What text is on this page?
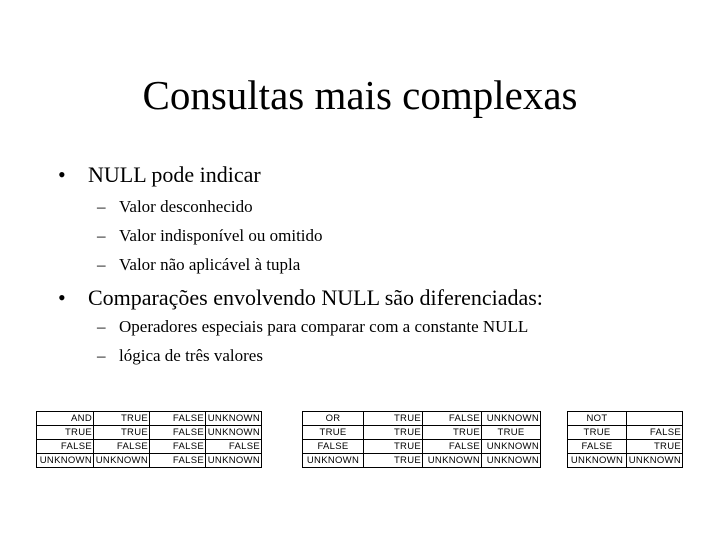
Consultas mais complexas
• NULL pode indicar
– Valor desconhecido
– Valor indisponível ou omitido
– Valor não aplicável à tupla
• Comparações envolvendo NULL são diferenciadas:
– Operadores especiais para comparar com a constante NULL
– lógica de três valores
AND	TRUE	FALSE	UNKNOWN
TRUE	TRUE	FALSE	UNKNOWN
FALSE	FALSE	FALSE	FALSE
UNKNOWN	UNKNOWN	FALSE	UNKNOWN
OR	TRUE	FALSE	UNKNOWN
TRUE	TRUE	TRUE	TRUE
FALSE	TRUE	FALSE	UNKNOWN
UNKNOWN	TRUE	UNKNOWN	UNKNOWN
NOT	
TRUE	FALSE
FALSE	TRUE
UNKNOWN	UNKNOWN
